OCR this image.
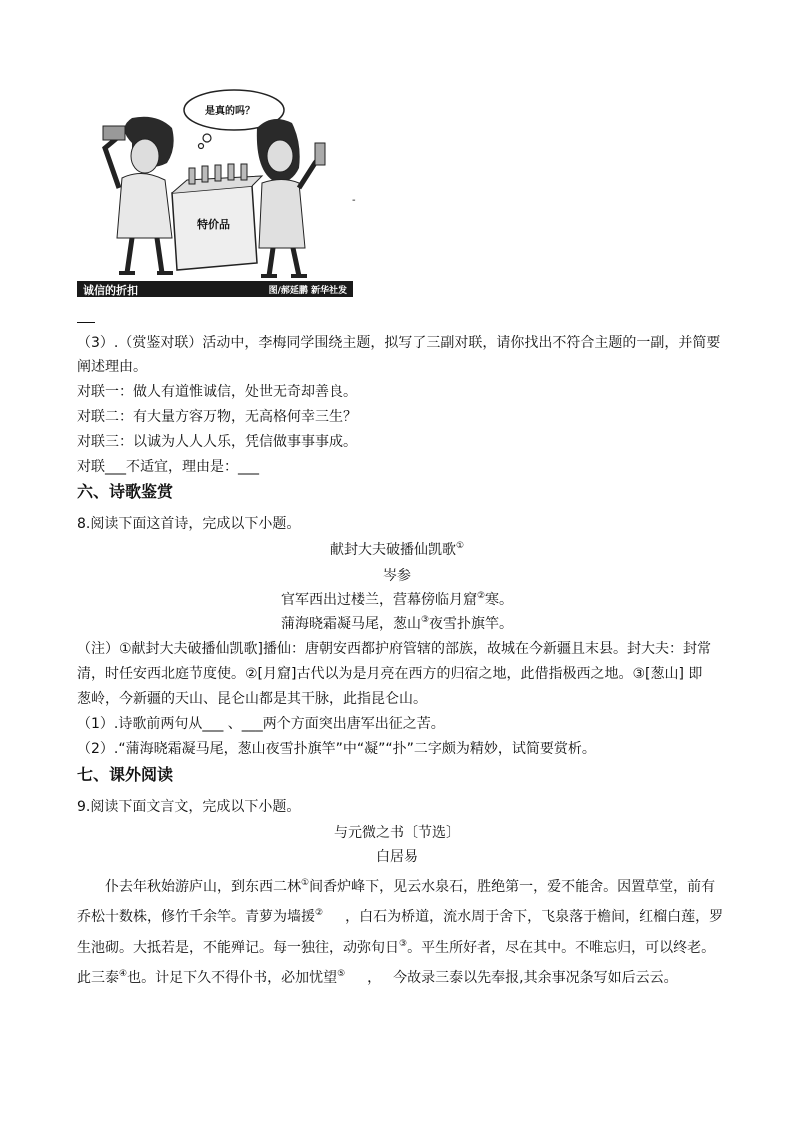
是真的吗？
特价品
-
诚信的折扣	图/郝延鹏 新华社发
（3）.（赏鉴对联）活动中，李梅同学围绕主题，拟写了三副对联，请你找出不符合主题的一副，并简要
阐述理由。
对联一：做人有道惟诚信，处世无奇却善良。
对联二：有大量方容万物，无高格何幸三生？
对联三：以诚为人人人乐，凭信做事事事成。
对联___不适宜，理由是：___
六、诗歌鉴赏
8.阅读下面这首诗，完成以下小题。
献封大夫破播仙凯歌①
岑参
官军西出过楼兰，营幕傍临月窟②寒。
蒲海晓霜凝马尾，葱山③夜雪扑旗竿。
（注）①献封大夫破播仙凯歌]播仙：唐朝安西都护府管辖的部族，故城在今新疆且末县。封大夫：封常
清，时任安西北庭节度使。②[月窟]古代以为是月亮在西方的归宿之地，此借指极西之地。③[葱山] 即
葱岭，今新疆的天山、昆仑山都是其干脉，此指昆仑山。
（1）.诗歌前两句从___ 、___两个方面突出唐军出征之苦。
（2）.“蒲海晓霜凝马尾，葱山夜雪扑旗竿”中“凝”“扑”二字颇为精妙，试简要赏析。
七、课外阅读
9.阅读下面文言文，完成以下小题。
与元微之书〔节选〕
白居易
仆去年秋始游庐山，到东西二林①间香炉峰下，见云水泉石，胜绝第一，爱不能舍。因置草堂，前有
乔松十数株，修竹千余竿。青萝为墙援② ，白石为桥道，流水周于舍下，飞泉落于檐间，红榴白莲，罗
生池砌。大抵若是，不能殚记。每一独往，动弥旬日③。平生所好者，尽在其中。不唯忘归，可以终老。
此三泰④也。计足下久不得仆书，必加忧望⑤ ， 今故录三泰以先奉报,其余事况条写如后云云。
